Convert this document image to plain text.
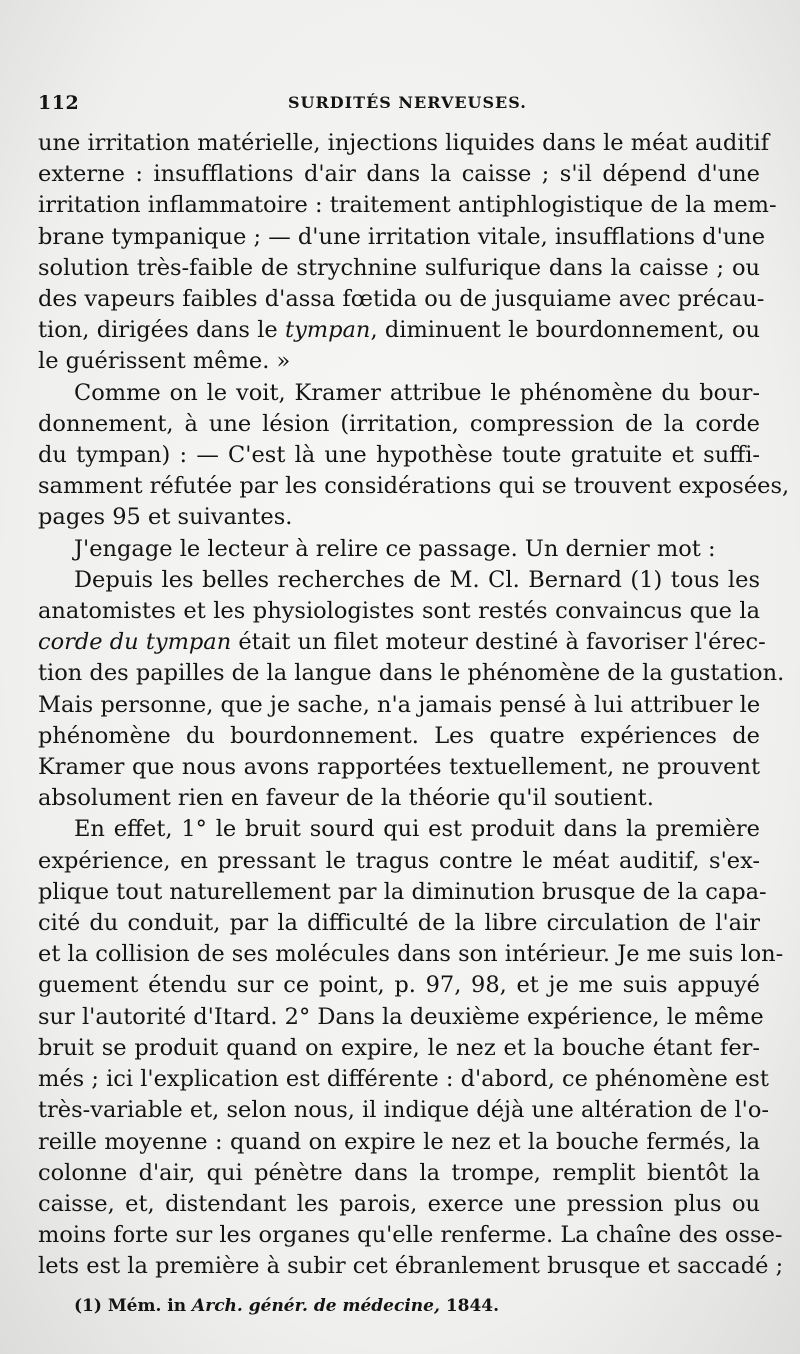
112	SURDITÉS NERVEUSES.
une irritation matérielle, injections liquides dans le méat auditif
externe : insufflations d'air dans la caisse ; s'il dépend d'une
irritation inflammatoire : traitement antiphlogistique de la mem-
brane tympanique ; — d'une irritation vitale, insufflations d'une
solution très-faible de strychnine sulfurique dans la caisse ; ou
des vapeurs faibles d'assa fœtida ou de jusquiame avec précau-
tion, dirigées dans le tympan, diminuent le bourdonnement, ou
le guérissent même. »
Comme on le voit, Kramer attribue le phénomène du bour-
donnement, à une lésion (irritation, compression de la corde
du tympan) : — C'est là une hypothèse toute gratuite et suffi-
samment réfutée par les considérations qui se trouvent exposées,
pages 95 et suivantes.
J'engage le lecteur à relire ce passage. Un dernier mot :
Depuis les belles recherches de M. Cl. Bernard (1) tous les
anatomistes et les physiologistes sont restés convaincus que la
corde du tympan était un filet moteur destiné à favoriser l'érec-
tion des papilles de la langue dans le phénomène de la gustation.
Mais personne, que je sache, n'a jamais pensé à lui attribuer le
phénomène du bourdonnement. Les quatre expériences de
Kramer que nous avons rapportées textuellement, ne prouvent
absolument rien en faveur de la théorie qu'il soutient.
En effet, 1° le bruit sourd qui est produit dans la première
expérience, en pressant le tragus contre le méat auditif, s'ex-
plique tout naturellement par la diminution brusque de la capa-
cité du conduit, par la difficulté de la libre circulation de l'air
et la collision de ses molécules dans son intérieur. Je me suis lon-
guement étendu sur ce point, p. 97, 98, et je me suis appuyé
sur l'autorité d'Itard. 2° Dans la deuxième expérience, le même
bruit se produit quand on expire, le nez et la bouche étant fer-
més ; ici l'explication est différente : d'abord, ce phénomène est
très-variable et, selon nous, il indique déjà une altération de l'o-
reille moyenne : quand on expire le nez et la bouche fermés, la
colonne d'air, qui pénètre dans la trompe, remplit bientôt la
caisse, et, distendant les parois, exerce une pression plus ou
moins forte sur les organes qu'elle renferme. La chaîne des osse-
lets est la première à subir cet ébranlement brusque et saccadé ;
(1) Mém. in Arch. génér. de médecine, 1844.
